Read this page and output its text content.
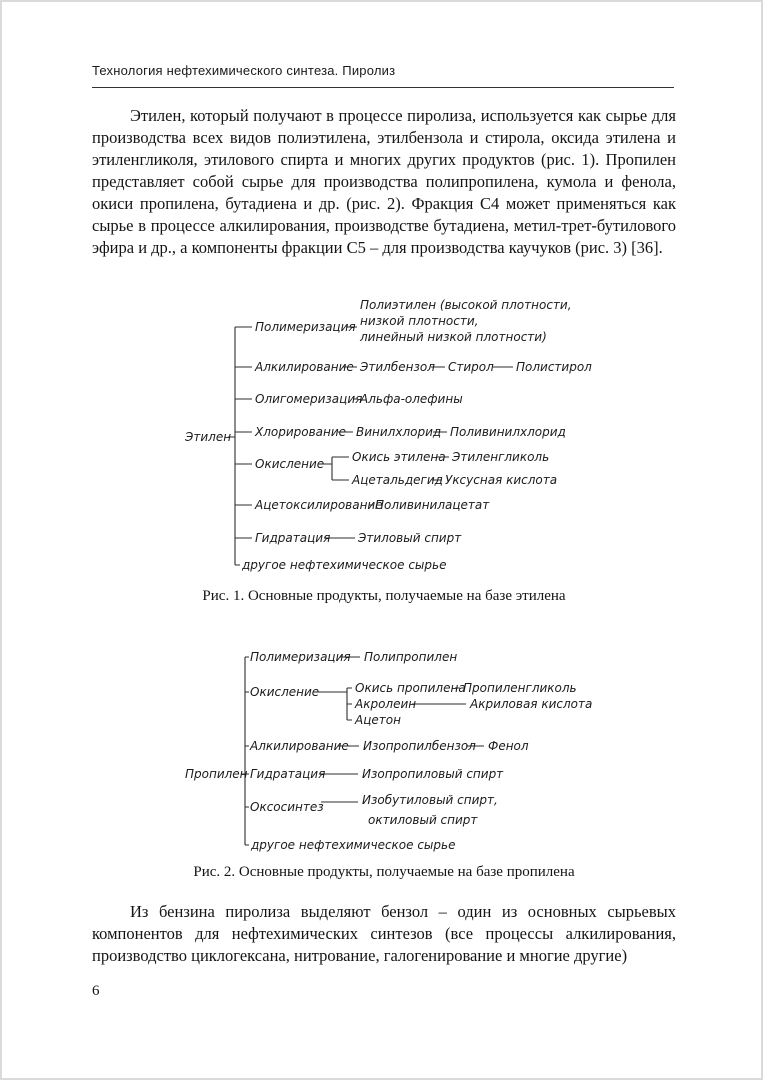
Технология нефтехимического синтеза. Пиролиз

Этилен, который получают в процессе пиролиза, используется как сырье для производства всех видов полиэтилена, этилбензола и стирола, оксида этилена и этиленгликоля, этилового спирта и многих других продуктов (рис. 1). Пропилен представляет собой сырье для производства полипропилена, кумола и фенола, окиси пропилена, бутадиена и др. (рис. 2). Фракция С4 может применяться как сырье в процессе алкилирования, производстве бутадиена, метил-трет-бутилового эфира и др., а компоненты фракции С5 – для производства каучуков (рис. 3) [36].

Этилен
Полимеризация
Полиэтилен (высокой плотности,
низкой плотности,
линейный низкой плотности)
Алкилирование Этилбензол Стирол Полистирол
Олигомеризация
Альфа-олефины
Хлорирование Винилхлорид Поливинилхлорид
Окисление Окись этилена Этиленгликоль
Ацетальдегид Уксусная кислота
Ацетоксилирование
Поливинилацетат
Гидратация Этиловый спирт
другое нефтехимическое сырье
Рис. 1. Основные продукты, получаемые на базе этилена
Пропилен
Полимеризация Полипропилен
Окисление	Окись пропилена
Пропиленгликоль
Акролеин	Акриловая кислота
Ацетон
Алкилирование Изопропилбензол Фенол
Гидратация	Изопропиловый спирт
Оксосинтез	Изобутиловый спирт,
октиловый спирт
другое нефтехимическое сырье
Рис. 2. Основные продукты, получаемые на базе пропилена

Из бензина пиролиза выделяют бензол – один из основных сырьевых компонентов для нефтехимических синтезов (все процессы алкилирования, производство циклогексана, нитрование, галогенирование и многие другие)

6
